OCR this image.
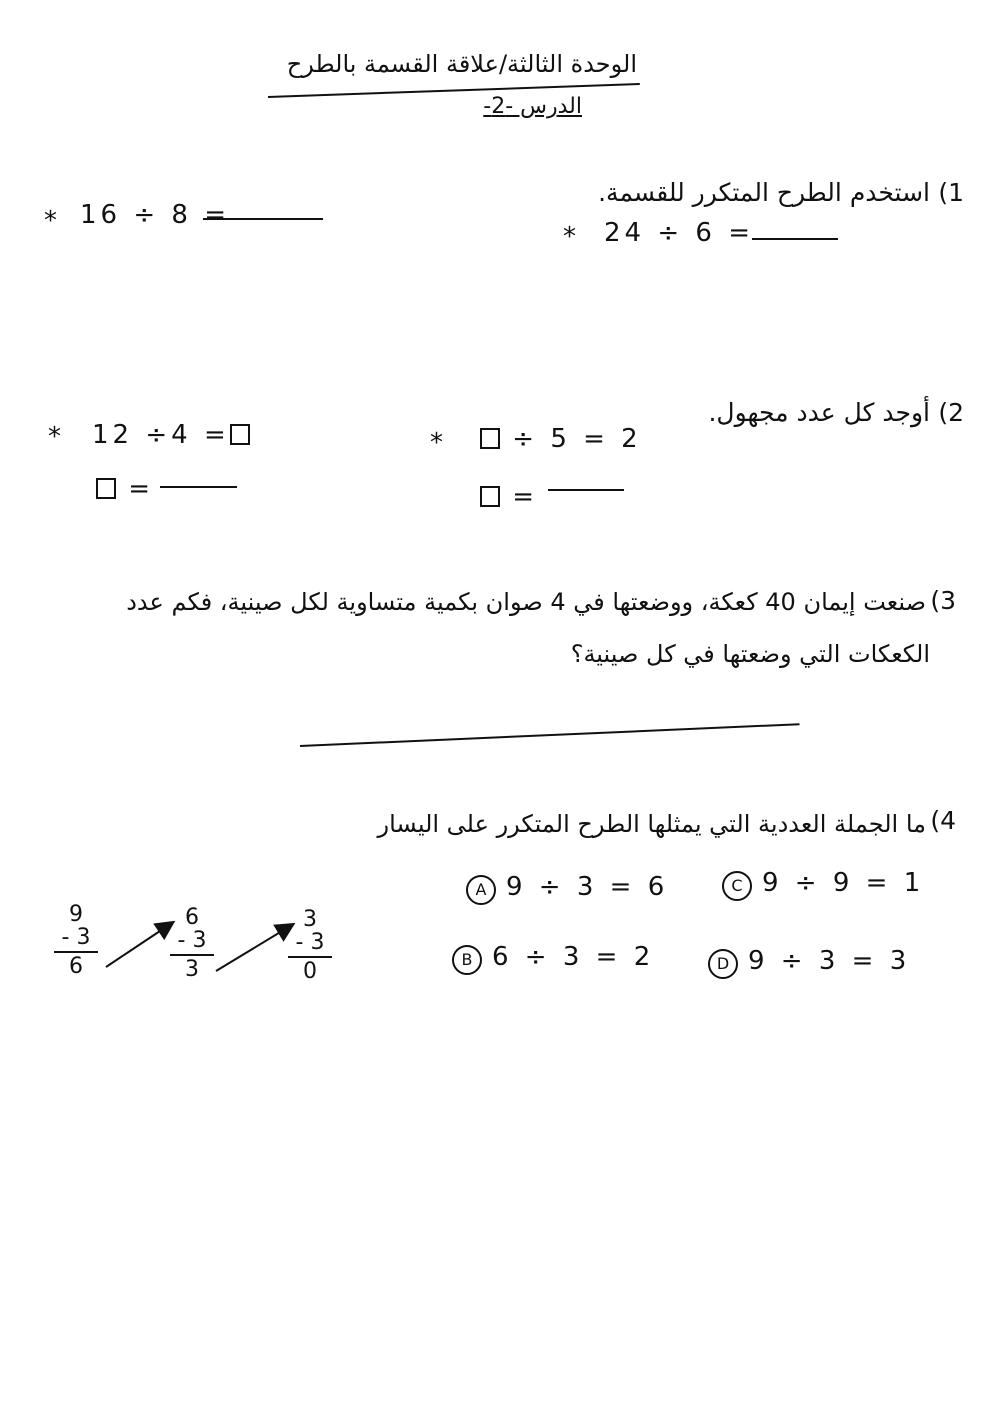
الوحدة الثالثة/علاقة القسمة بالطرح
الدرس -2-
1)
استخدم الطرح المتكرر للقسمة.
* 16 ÷ 8 =
* 24 ÷ 6 =
2)
أوجد كل عدد مجهول.
* 12 ÷4 =
=
*	÷ 5 = 2
=
3)
صنعت إيمان 40 كعكة، ووضعتها في 4 صوان بكمية متساوية لكل صينية، فكم عدد
الكعكات التي وضعتها في كل صينية؟
4)
ما الجملة العددية التي يمثلها الطرح المتكرر على اليسار
9
- 3
6
6
- 3
3
3
- 3
0
A 9 ÷ 3 = 6	C 9 ÷ 9 = 1
B 6 ÷ 3 = 2	D 9 ÷ 3 = 3
